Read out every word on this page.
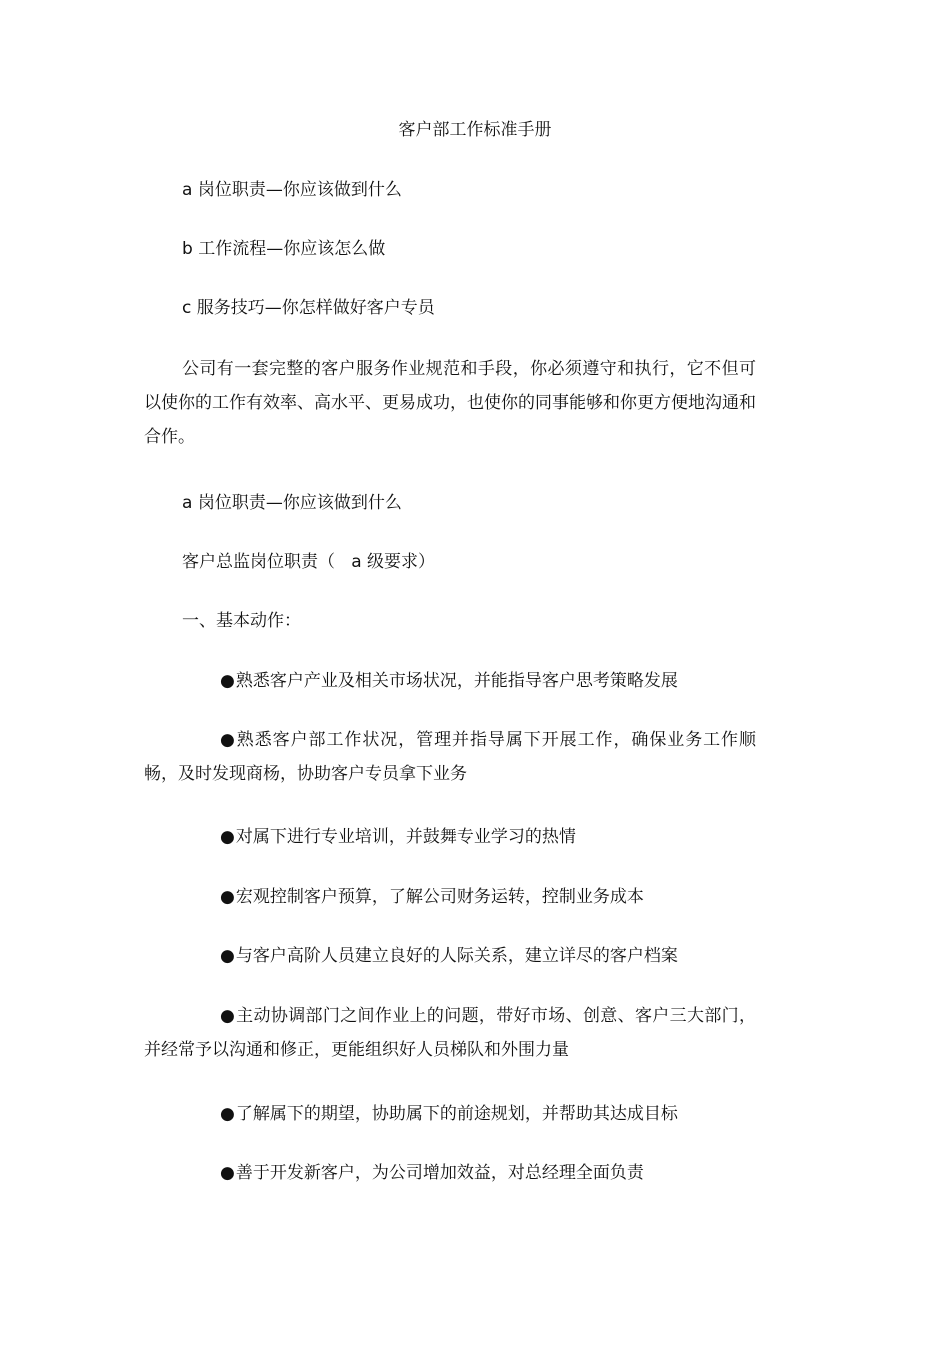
客户部工作标准手册
a 岗位职责—你应该做到什么
b 工作流程—你应该怎么做
c 服务技巧—你怎样做好客户专员
公司有一套完整的客户服务作业规范和手段，你必须遵守和执行，它不但可以使你的工作有效率、高水平、更易成功，也使你的同事能够和你更方便地沟通和合作。
a 岗位职责—你应该做到什么
客户总监岗位职责（   a 级要求）
一、基本动作：
●熟悉客户产业及相关市场状况，并能指导客户思考策略发展
●熟悉客户部工作状况，管理并指导属下开展工作，确保业务工作顺畅，及时发现商杨，协助客户专员拿下业务
●对属下进行专业培训，并鼓舞专业学习的热情
●宏观控制客户预算，了解公司财务运转，控制业务成本
●与客户高阶人员建立良好的人际关系，建立详尽的客户档案
●主动协调部门之间作业上的问题，带好市场、创意、客户三大部门，并经常予以沟通和修正，更能组织好人员梯队和外围力量
●了解属下的期望，协助属下的前途规划，并帮助其达成目标
●善于开发新客户，为公司增加效益，对总经理全面负责
